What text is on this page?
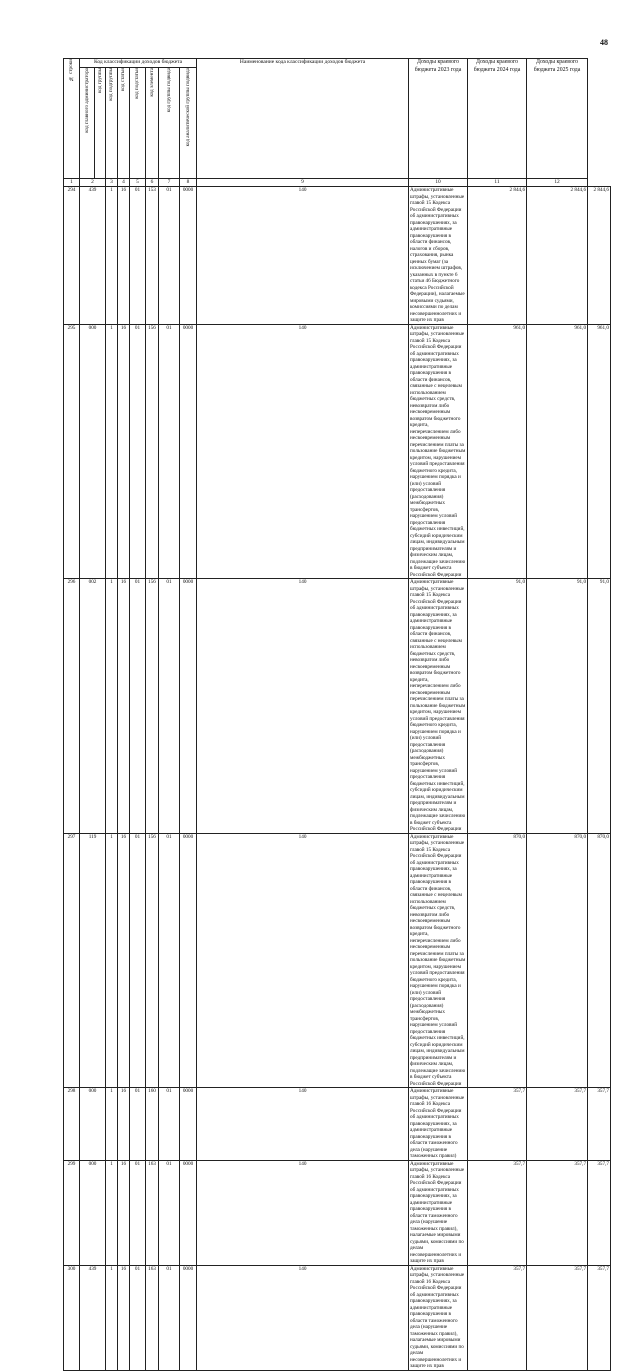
48
№ строки	Код классификации доходов бюджета								Наименование кода классификации доходов бюджета	Доходы краевого бюджета 2023 года	Доходы краевого бюджета 2024 года	Доходы краевого бюджета 2025 года	

	код главного администратора	код группы	код подгруппы	код статьи	код подстатьи	код элемента	код группы подвида	код аналитической группы подвида					

1	2		3	4	5	6	7	8	9	10	11	12	
294	439		1	16	01	153	01	0000	140	Административные штрафы, установленные главой 15 Кодекса Российской Федерации об административных правонарушениях, за административные правонарушения в области финансов, налогов и сборов, страхования, рынка ценных бумаг (за исключением штрафов, указанных в пункте 6 статьи 46 Бюджетного кодекса Российской Федерации), налагаемые мировыми судьями, комиссиями по делам несовершеннолетних и защите их прав	2 844,6	2 844,6	2 844,6
295	000		1	16	01	156	01	0000	140	Административные штрафы, установленные главой 15 Кодекса Российской Федерации об административных правонарушениях, за административные правонарушения в области финансов, связанные с нецелевым использованием бюджетных средств, невозвратом либо несвоевременным возвратом бюджетного кредита, неперечислением либо несвоевременным перечислением платы за пользование бюджетным кредитом, нарушением условий предоставления бюджетного кредита, нарушением порядка и (или) условий предоставления (расходования) межбюджетных трансфертов, нарушением условий предоставления бюджетных инвестиций, субсидий юридическим лицам, индивидуальным предпринимателям и физическим лицам, подлежащие зачислению в бюджет субъекта Российской Федерации	961,0	961,0	961,0
296	002		1	16	01	156	01	0000	140	Административные штрафы, установленные главой 15 Кодекса Российской Федерации об административных правонарушениях, за административные правонарушения в области финансов, связанные с нецелевым использованием бюджетных средств, невозвратом либо несвоевременным возвратом бюджетного кредита, неперечислением либо несвоевременным перечислением платы за пользование бюджетным кредитом, нарушением условий предоставления бюджетного кредита, нарушением порядка и (или) условий предоставления (расходования) межбюджетных трансфертов, нарушением условий предоставления бюджетных инвестиций, субсидий юридическим лицам, индивидуальным предпринимателям и физическим лицам, подлежащие зачислению в бюджет субъекта Российской Федерации	91,0	91,0	91,0
297	119		1	16	01	156	01	0000	140	Административные штрафы, установленные главой 15 Кодекса Российской Федерации об административных правонарушениях, за административные правонарушения в области финансов, связанные с нецелевым использованием бюджетных средств, невозвратом либо несвоевременным возвратом бюджетного кредита, неперечислением либо несвоевременным перечислением платы за пользование бюджетным кредитом, нарушением условий предоставления бюджетного кредита, нарушением порядка и (или) условий предоставления (расходования) межбюджетных трансфертов, нарушением условий предоставления бюджетных инвестиций, субсидий юридическим лицам, индивидуальным предпринимателям и физическим лицам, подлежащие зачислению в бюджет субъекта Российской Федерации	870,0	870,0	870,0
298	000		1	16	01	160	01	0000	140	Административные штрафы, установленные главой 16 Кодекса Российской Федерации об административных правонарушениях, за административные правонарушения в области таможенного дела (нарушение таможенных правил)	357,7	357,7	357,7
299	000		1	16	01	163	01	0000	140	Административные штрафы, установленные главой 16 Кодекса Российской Федерации об административных правонарушениях, за административные правонарушения в области таможенного дела (нарушение таможенных правил), налагаемые мировыми судьями, комиссиями по делам несовершеннолетних и защите их прав	357,7	357,7	357,7
300	439		1	16	01	163	01	0000	140	Административные штрафы, установленные главой 16 Кодекса Российской Федерации об административных правонарушениях, за административные правонарушения в области таможенного дела (нарушение таможенных правил), налагаемые мировыми судьями, комиссиями по делам несовершеннолетних и защите их прав	357,7	357,7	357,7
